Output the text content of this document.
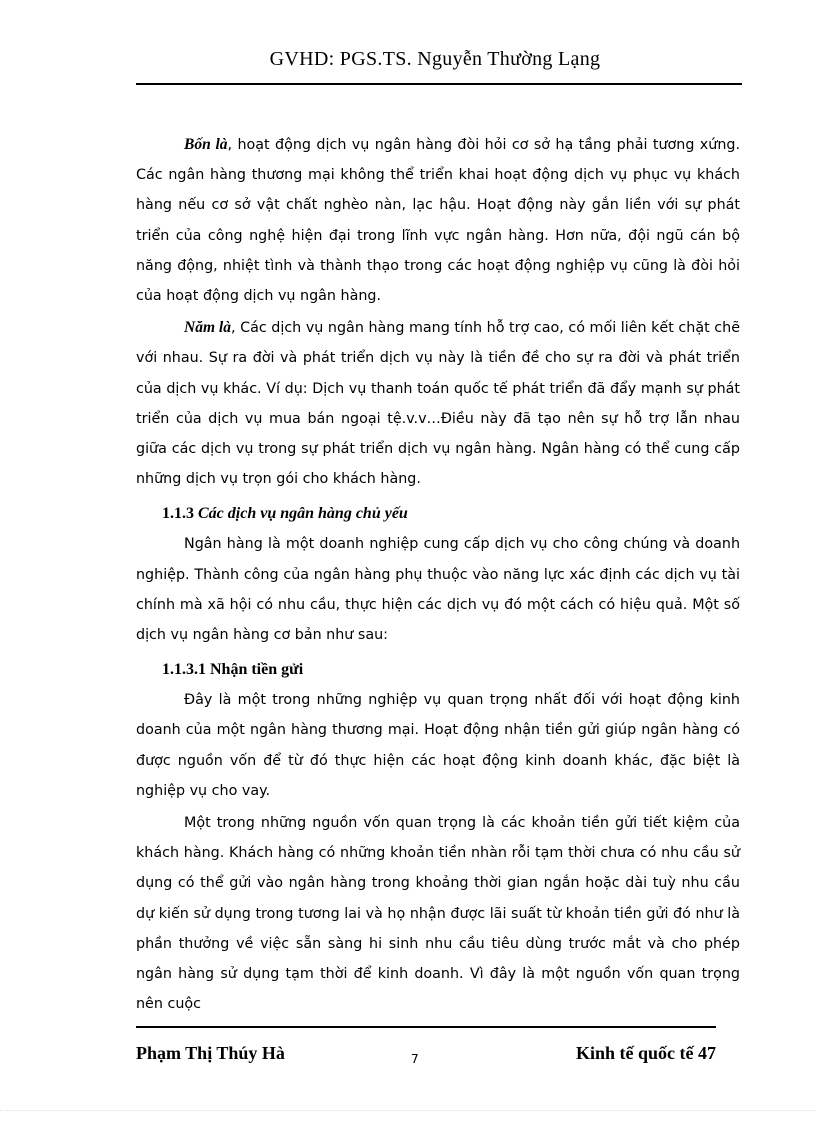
GVHD: PGS.TS. Nguyễn Thường Lạng

Bốn là, hoạt động dịch vụ ngân hàng đòi hỏi cơ sở hạ tầng phải tương xứng. Các ngân hàng thương mại không thể triển khai hoạt động dịch vụ phục vụ khách hàng nếu cơ sở vật chất nghèo nàn, lạc hậu. Hoạt động này gắn liền với sự phát triển của công nghệ hiện đại trong lĩnh vực ngân hàng. Hơn nữa, đội ngũ cán bộ năng động, nhiệt tình và thành thạo trong các hoạt động nghiệp vụ cũng là đòi hỏi của hoạt động dịch vụ ngân hàng.

Năm là, Các dịch vụ ngân hàng mang tính hỗ trợ cao, có mối liên kết chặt chẽ với nhau. Sự ra đời và phát triển dịch vụ này là tiền đề cho sự ra đời và phát triển của dịch vụ khác. Ví dụ: Dịch vụ thanh toán quốc tế phát triển đã đẩy mạnh sự phát triển của dịch vụ mua bán ngoại tệ.v.v…Điều này đã tạo nên sự hỗ trợ lẫn nhau giữa các dịch vụ trong sự phát triển dịch vụ ngân hàng. Ngân hàng có thể cung cấp những dịch vụ trọn gói cho khách hàng.

1.1.3 Các dịch vụ ngân hàng chủ yếu

Ngân hàng là một doanh nghiệp cung cấp dịch vụ cho công chúng và doanh nghiệp. Thành công của ngân hàng phụ thuộc vào năng lực xác định các dịch vụ tài chính mà xã hội có nhu cầu, thực hiện các dịch vụ đó một cách có hiệu quả. Một số dịch vụ ngân hàng cơ bản như sau:

1.1.3.1 Nhận tiền gửi

Đây là một trong những nghiệp vụ quan trọng nhất đối với hoạt động kinh doanh của một ngân hàng thương mại. Hoạt động nhận tiền gửi giúp ngân hàng có được nguồn vốn để từ đó thực hiện các hoạt động kinh doanh khác, đặc biệt là nghiệp vụ cho vay.

Một trong những nguồn vốn quan trọng là các khoản tiền gửi tiết kiệm của khách hàng. Khách hàng có những khoản tiền nhàn rỗi tạm thời chưa có nhu cầu sử dụng có thể gửi vào ngân hàng trong khoảng thời gian ngắn hoặc dài tuỳ nhu cầu dự kiến sử dụng trong tương lai và họ nhận được lãi suất từ khoản tiền gửi đó như là phần thưởng về việc sẵn sàng hi sinh nhu cầu tiêu dùng trước mắt và cho phép ngân hàng sử dụng tạm thời để kinh doanh. Vì đây là một nguồn vốn quan trọng nên cuộc

Phạm Thị Thúy Hà	7	Kinh tế quốc tế 47
